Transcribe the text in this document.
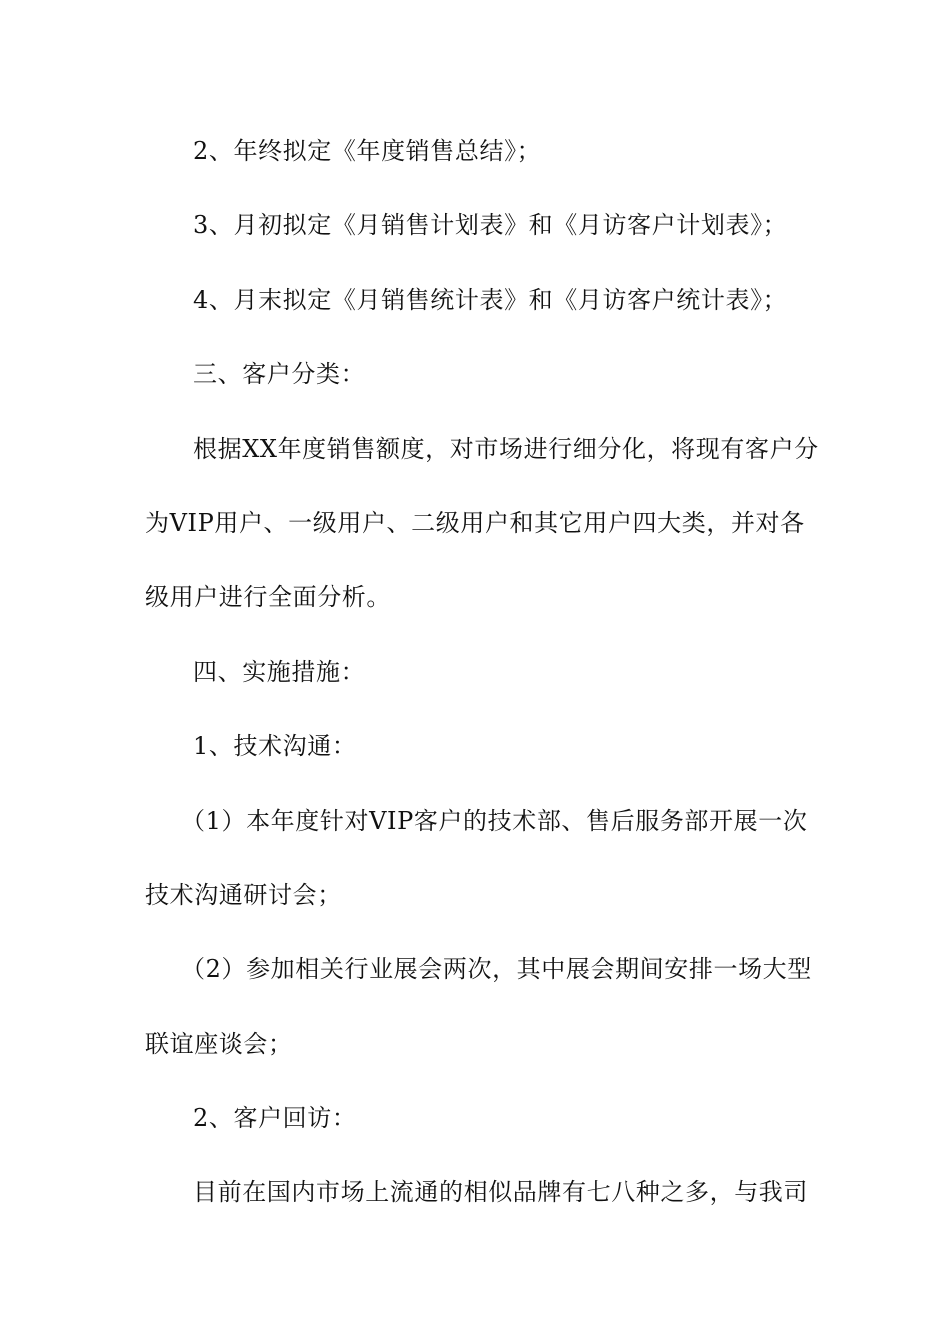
2、年终拟定《年度销售总结》；
3、月初拟定《月销售计划表》和《月访客户计划表》；
4、月末拟定《月销售统计表》和《月访客户统计表》；
三、客户分类：
根据XX年度销售额度，对市场进行细分化，将现有客户分
为VIP用户、一级用户、二级用户和其它用户四大类，并对各
级用户进行全面分析。
四、实施措施：
1、技术沟通：
（1）本年度针对VIP客户的技术部、售后服务部开展一次
技术沟通研讨会；
（2）参加相关行业展会两次，其中展会期间安排一场大型
联谊座谈会；
2、客户回访：
目前在国内市场上流通的相似品牌有七八种之多，与我司
